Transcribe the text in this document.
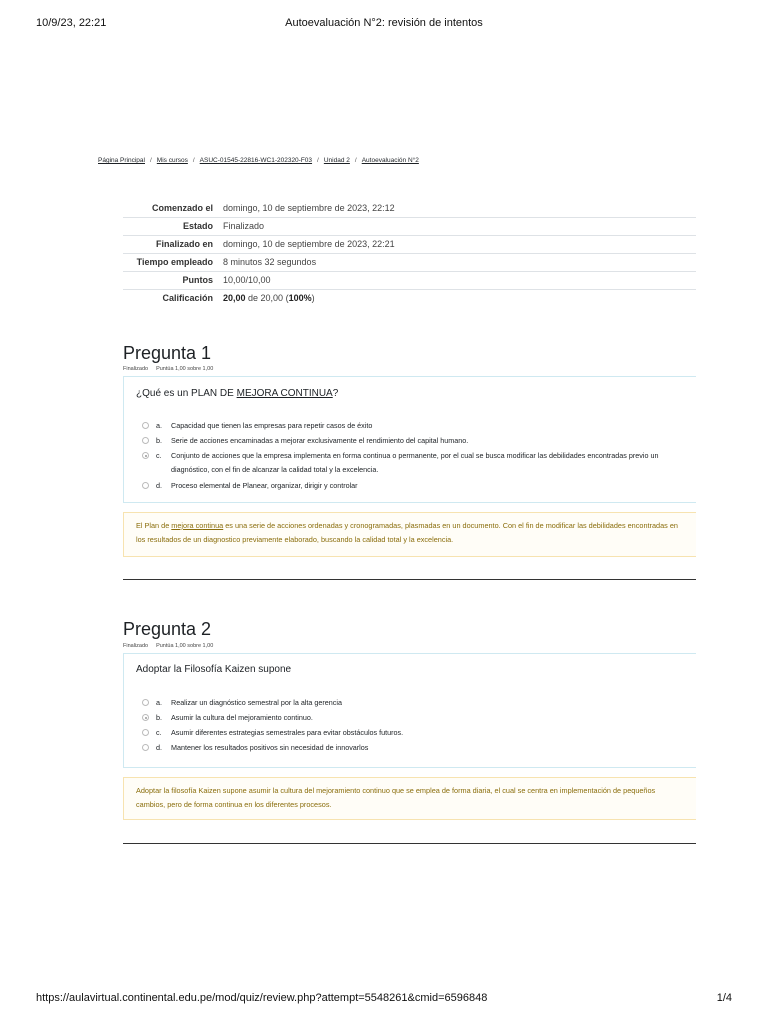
10/9/23, 22:21	Autoevaluación N°2: revisión de intentos
Página Principal / Mis cursos / ASUC-01545-22816-WC1-202320-F03 / Unidad 2 / Autoevaluación N°2
Comenzado el	domingo, 10 de septiembre de 2023, 22:12
Estado	Finalizado
Finalizado en	domingo, 10 de septiembre de 2023, 22:21
Tiempo empleado	8 minutos 32 segundos
Puntos	10,00/10,00
Calificación	20,00 de 20,00 (100%)
Pregunta 1
Finalizado Puntúa 1,00 sobre 1,00
¿Qué es un PLAN DE MEJORA CONTINUA?
a. Capacidad que tienen las empresas para repetir casos de éxito
b. Serie de acciones encaminadas a mejorar exclusivamente el rendimiento del capital humano.
c. Conjunto de acciones que la empresa implementa en forma continua o permanente, por el cual se busca modificar las debilidades encontradas previo un diagnóstico, con el fin de alcanzar la calidad total y la excelencia.
d. Proceso elemental de Planear, organizar, dirigir y controlar
El Plan de mejora continua es una serie de acciones ordenadas y cronogramadas, plasmadas en un documento. Con el fin de modificar las debilidades encontradas en los resultados de un diagnostico previamente elaborado, buscando la calidad total y la excelencia.
Pregunta 2
Finalizado Puntúa 1,00 sobre 1,00
Adoptar la Filosofía Kaizen supone
a. Realizar un diagnóstico semestral por la alta gerencia
b. Asumir la cultura del mejoramiento continuo.
c. Asumir diferentes estrategias semestrales para evitar obstáculos futuros.
d. Mantener los resultados positivos sin necesidad de innovarlos
Adoptar la filosofía Kaizen supone asumir la cultura del mejoramiento continuo que se emplea de forma diaria, el cual se centra en implementación de pequeños cambios, pero de forma continua en los diferentes procesos.
https://aulavirtual.continental.edu.pe/mod/quiz/review.php?attempt=5548261&cmid=6596848	1/4
